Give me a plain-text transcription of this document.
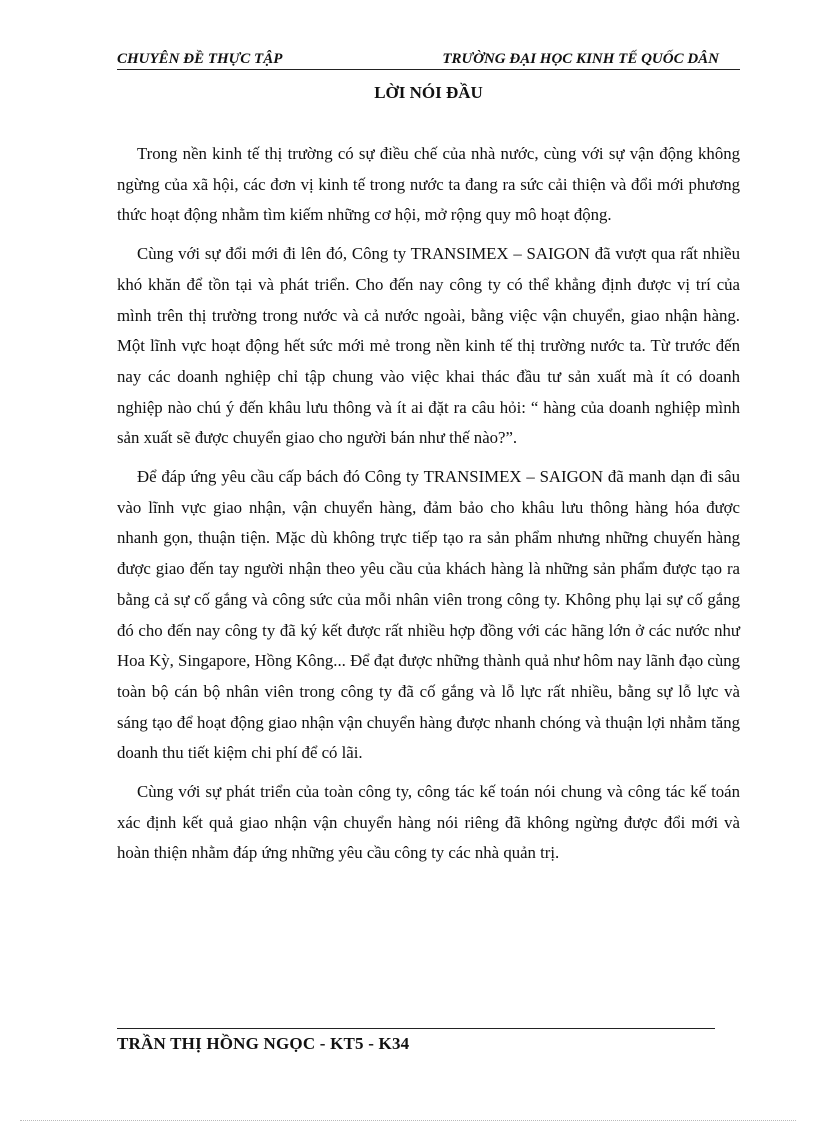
CHUYÊN ĐỀ THỰC TẬP	TRƯỜNG ĐẠI HỌC KINH TẾ QUỐC DÂN
LỜI NÓI ĐẦU

Trong nền kinh tế thị trường có sự điều chế của nhà nước, cùng với sự vận động không ngừng của xã hội, các đơn vị kinh tế trong nước ta đang ra sức cải thiện và đổi mới phương thức hoạt động nhằm tìm kiếm những cơ hội, mở rộng quy mô hoạt động.

Cùng với sự đổi mới đi lên đó, Công ty TRANSIMEX – SAIGON đã vượt qua rất nhiều khó khăn để tồn tại và phát triển. Cho đến nay công ty có thể khẳng định được vị trí của mình trên thị trường trong nước và cả nước ngoài, bằng việc vận chuyển, giao nhận hàng. Một lĩnh vực hoạt động hết sức mới mẻ trong nền kinh tế thị trường nước ta. Từ trước đến nay các doanh nghiệp chỉ tập chung vào việc khai thác đầu tư sản xuất mà ít có doanh nghiệp nào chú ý đến khâu lưu thông và ít ai đặt ra câu hỏi: “ hàng của doanh nghiệp mình sản xuất sẽ được chuyển giao cho người bán như thế nào?”.

Để đáp ứng yêu cầu cấp bách đó Công ty TRANSIMEX – SAIGON đã manh dạn đi sâu vào lĩnh vực giao nhận, vận chuyển hàng, đảm bảo cho khâu lưu thông hàng hóa được nhanh gọn, thuận tiện. Mặc dù không trực tiếp tạo ra sản phẩm nhưng những chuyến hàng được giao đến tay người nhận theo yêu cầu của khách hàng là những sản phẩm được tạo ra bằng cả sự cố gắng và công sức của mỗi nhân viên trong công ty. Không phụ lại sự cố gắng đó cho đến nay công ty đã ký kết được rất nhiều hợp đồng với các hãng lớn ở các nước như Hoa Kỳ, Singapore, Hồng Kông... Để đạt được những thành quả như hôm nay lãnh đạo cùng toàn bộ cán bộ nhân viên trong công ty đã cố gắng và lỗ lực rất nhiều, bằng sự lỗ lực và sáng tạo để hoạt động giao nhận vận chuyển hàng được nhanh chóng và thuận lợi nhằm tăng doanh thu tiết kiệm chi phí để có lãi.

Cùng với sự phát triển của toàn công ty, công tác kế toán nói chung và công tác kế toán xác định kết quả giao nhận vận chuyển hàng nói riêng đã không ngừng được đổi mới và hoàn thiện nhằm đáp ứng những yêu cầu công ty các nhà quản trị.

TRẦN THỊ HỒNG NGỌC - KT5 - K34
